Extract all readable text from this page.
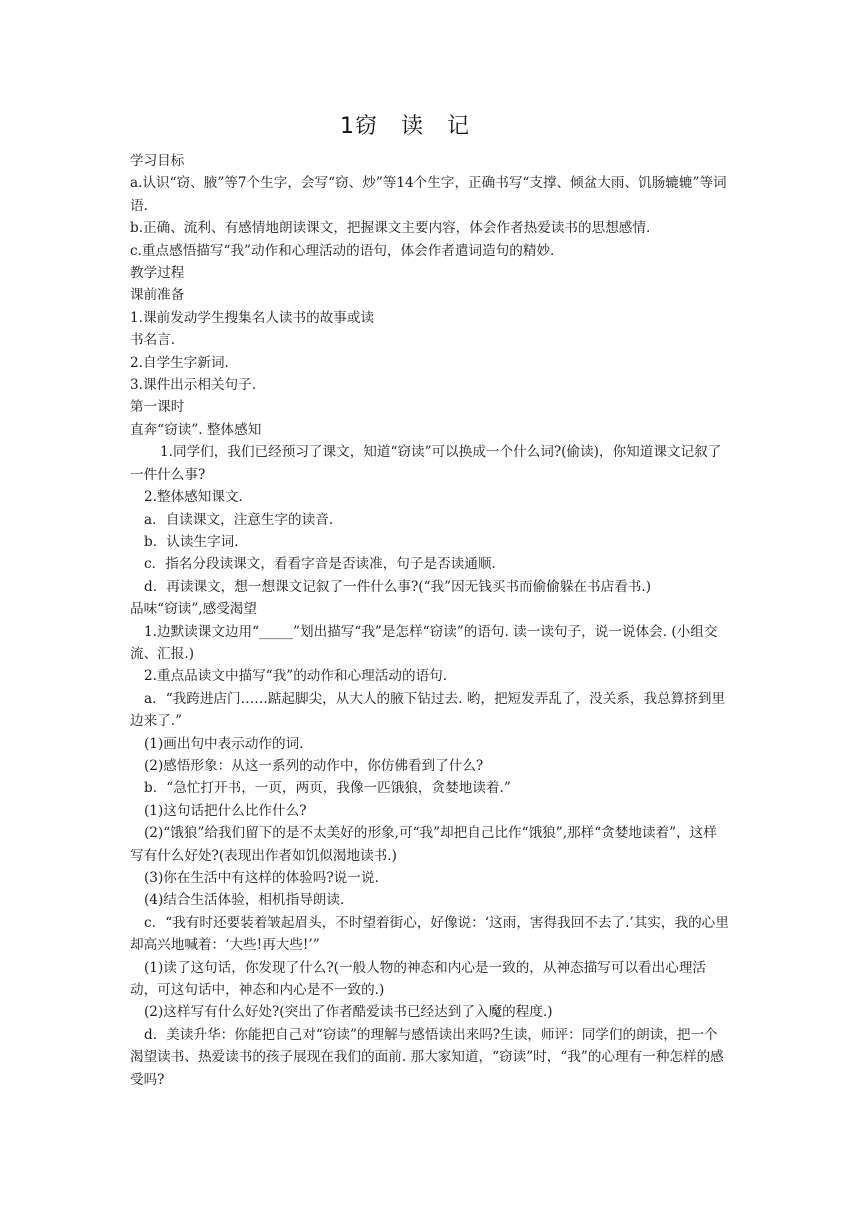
1窃　读　记

学习目标

a.认识“窃、腋”等7个生字，会写“窃、炒”等14个生字，正确书写“支撑、倾盆大雨、饥肠辘辘”等词语.

b.正确、流利、有感情地朗读课文，把握课文主要内容，体会作者热爱读书的思想感情.

c.重点感悟描写“我”动作和心理活动的语句，体会作者遣词造句的精妙.

教学过程

课前准备

1.课前发动学生搜集名人读书的故事或读

书名言.

2.自学生字新词.

3.课件出示相关句子.

第一课时

直奔“窃读”. 整体感知

1.同学们，我们已经预习了课文，知道“窃读”可以换成一个什么词?(偷读)，你知道课文记叙了一件什么事?

2.整体感知课文.

a．自读课文，注意生字的读音.

b．认读生字词.

c．指名分段读课文，看看字音是否读准，句子是否读通顺.

d．再读课文，想一想课文记叙了一件什么事?(“我”因无钱买书而偷偷躲在书店看书.)

品味“窃读”,感受渴望

1.边默读课文边用“_____”划出描写“我”是怎样“窃读”的语句. 读一读句子，说一说体会. (小组交流、汇报.)

2.重点品读文中描写“我”的动作和心理活动的语句.

a．“我跨进店门……踮起脚尖，从大人的腋下钻过去. 哟，把短发弄乱了，没关系，我总算挤到里边来了.”

(1)画出句中表示动作的词.

(2)感悟形象：从这一系列的动作中，你仿佛看到了什么?

b．“急忙打开书，一页，两页，我像一匹饿狼，贪婪地读着.”

(1)这句话把什么比作什么?

(2)“饿狼”给我们留下的是不太美好的形象,可“我”却把自己比作“饿狼”,那样“贪婪地读着”，这样写有什么好处?(表现出作者如饥似渴地读书.)

(3)你在生活中有这样的体验吗?说一说.

(4)结合生活体验，相机指导朗读.

c．“我有时还要装着皱起眉头，不时望着街心，好像说：‘这雨，害得我回不去了.’其实，我的心里却高兴地喊着：‘大些!再大些!’”

(1)读了这句话，你发现了什么?(一般人物的神态和内心是一致的，从神态描写可以看出心理活动，可这句话中，神态和内心是不一致的.)

(2)这样写有什么好处?(突出了作者酷爱读书已经达到了入魔的程度.)

d．美读升华：你能把自己对“窃读”的理解与感悟读出来吗?生读，师评：同学们的朗读，把一个渴望读书、热爱读书的孩子展现在我们的面前. 那大家知道，“窃读”时，“我”的心理有一种怎样的感受吗?
